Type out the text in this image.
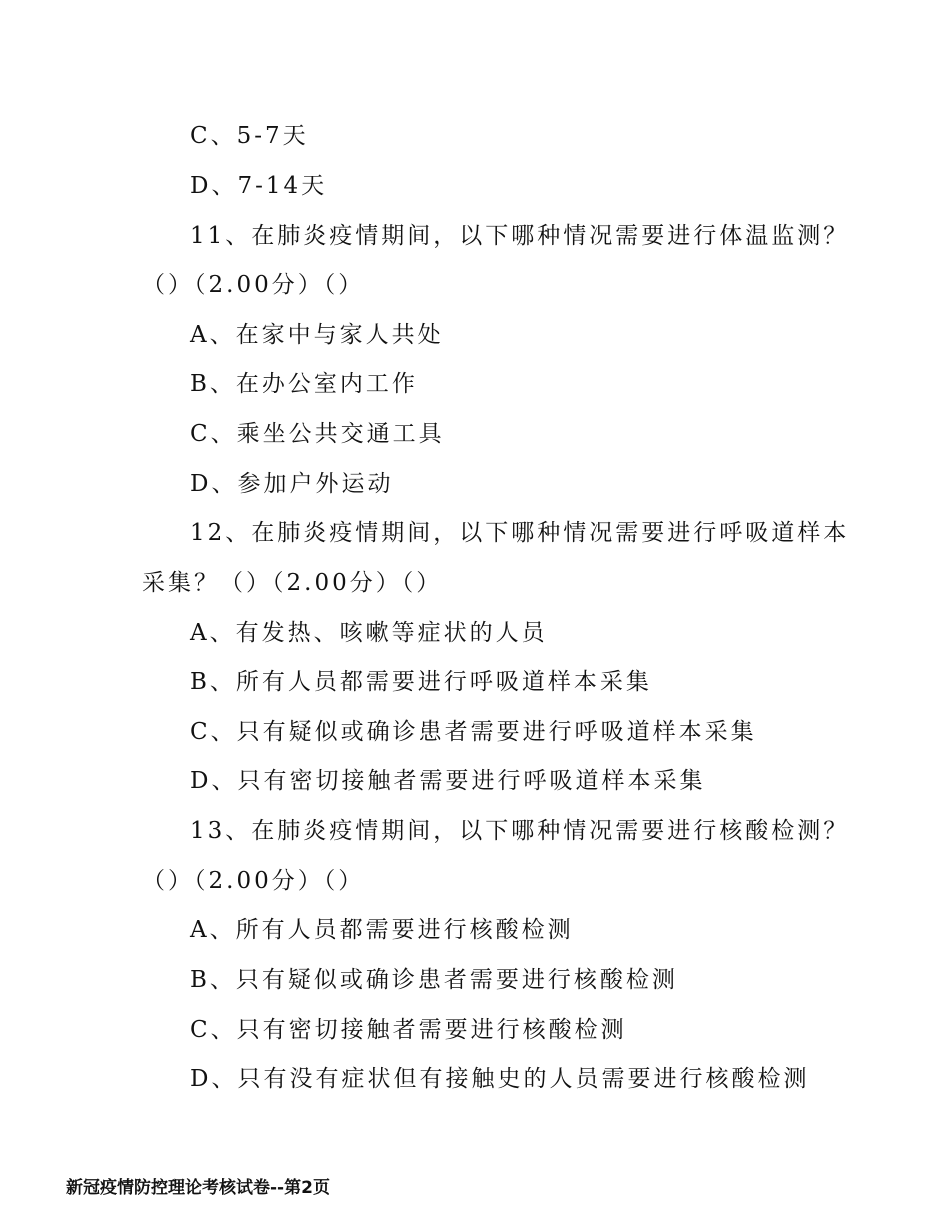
C、5-7天
D、7-14天
11、在肺炎疫情期间，以下哪种情况需要进行体温监测？
（）（2.00分）（）
A、在家中与家人共处
B、在办公室内工作
C、乘坐公共交通工具
D、参加户外运动
12、在肺炎疫情期间，以下哪种情况需要进行呼吸道样本
采集？（）（2.00分）（）
A、有发热、咳嗽等症状的人员
B、所有人员都需要进行呼吸道样本采集
C、只有疑似或确诊患者需要进行呼吸道样本采集
D、只有密切接触者需要进行呼吸道样本采集
13、在肺炎疫情期间，以下哪种情况需要进行核酸检测？
（）（2.00分）（）
A、所有人员都需要进行核酸检测
B、只有疑似或确诊患者需要进行核酸检测
C、只有密切接触者需要进行核酸检测
D、只有没有症状但有接触史的人员需要进行核酸检测
新冠疫情防控理论考核试卷--第2页
